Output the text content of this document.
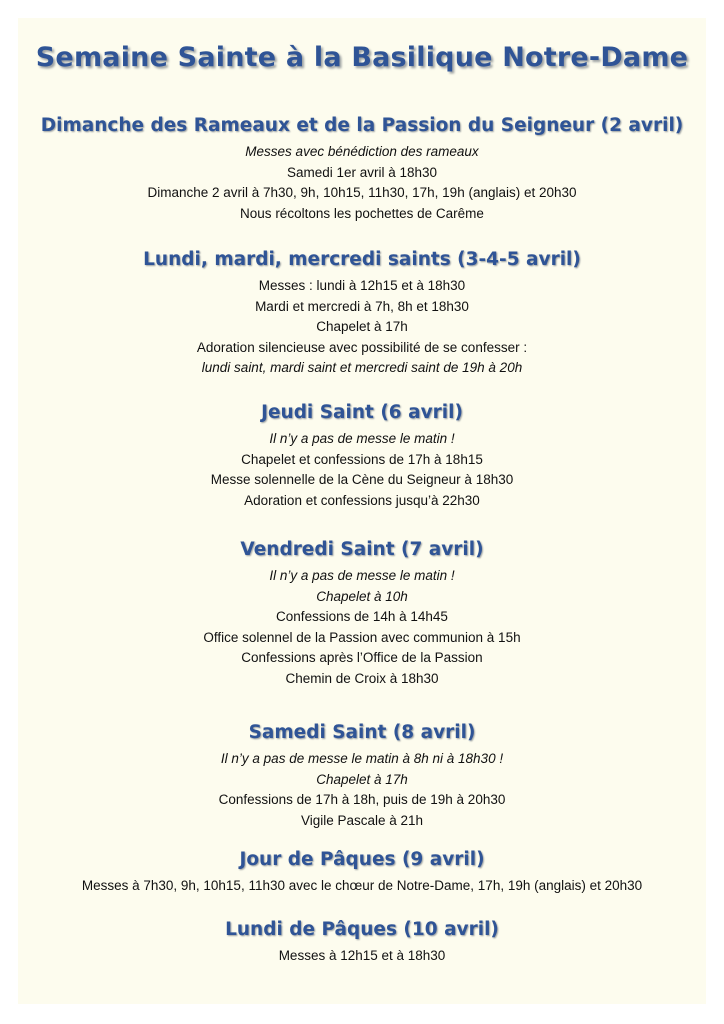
Semaine Sainte à la Basilique Notre-Dame
Dimanche des Rameaux et de la Passion du Seigneur (2 avril)
Messes avec bénédiction des rameaux
Samedi 1er avril à 18h30
Dimanche 2 avril à 7h30, 9h, 10h15, 11h30, 17h, 19h (anglais) et 20h30
Nous récoltons les pochettes de Carême
Lundi, mardi, mercredi saints (3-4-5 avril)
Messes : lundi à 12h15 et à 18h30
Mardi et mercredi à 7h, 8h et 18h30
Chapelet à 17h
Adoration silencieuse avec possibilité de se confesser :
lundi saint, mardi saint et mercredi saint de 19h à 20h
Jeudi Saint (6 avril)
Il n’y a pas de messe le matin !
Chapelet et confessions de 17h à 18h15
Messe solennelle de la Cène du Seigneur à 18h30
Adoration et confessions jusqu’à 22h30
Vendredi Saint (7 avril)
Il n’y a pas de messe le matin !
Chapelet à 10h
Confessions de 14h à 14h45
Office solennel de la Passion avec communion à 15h
Confessions après l’Office de la Passion
Chemin de Croix à 18h30
Samedi Saint (8 avril)
Il n’y a pas de messe le matin à 8h ni à 18h30 !
Chapelet à 17h
Confessions de 17h à 18h, puis de 19h à 20h30
Vigile Pascale à 21h
Jour de Pâques (9 avril)
Messes à 7h30, 9h, 10h15, 11h30 avec le chœur de Notre-Dame, 17h, 19h (anglais) et 20h30
Lundi de Pâques (10 avril)
Messes à 12h15 et à 18h30
